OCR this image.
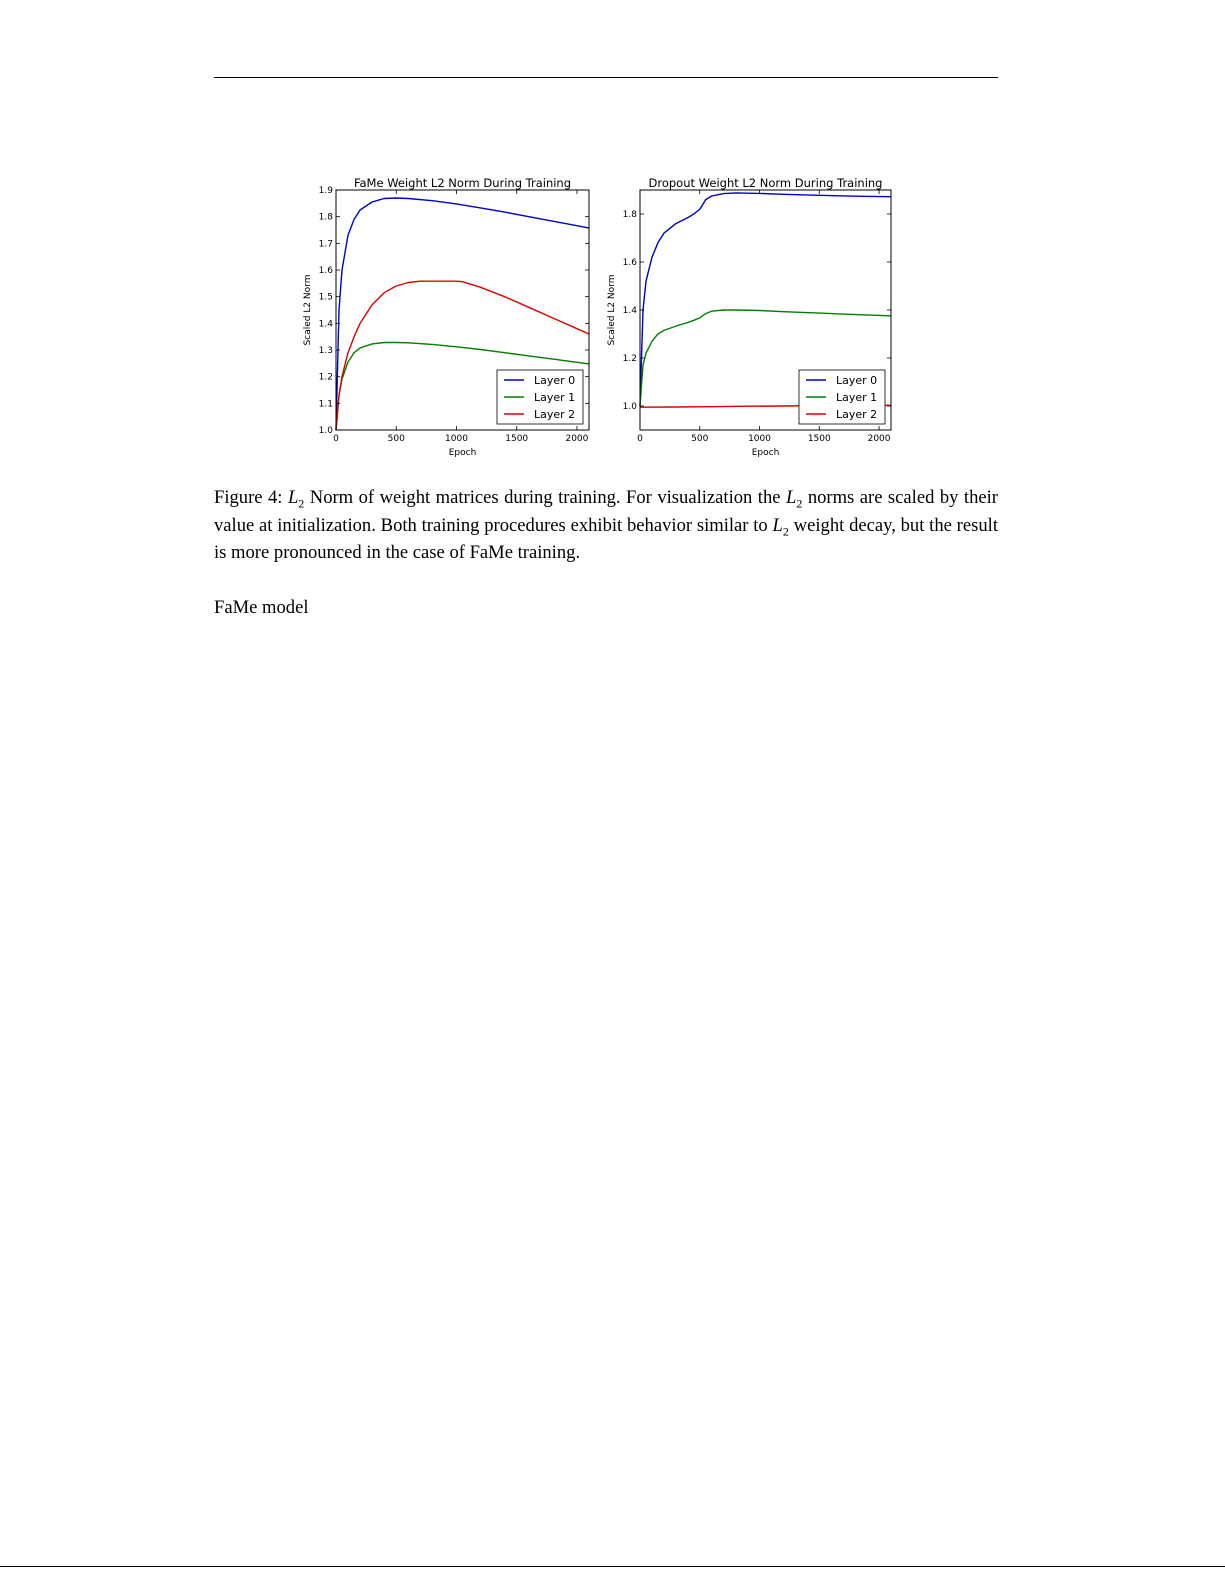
0	500	1000	1500	2000
1.0
1.1
1.2
1.3
1.4
1.5
1.6
1.7
1.8
1.9
FaMe Weight L2 Norm During Training
Epoch
Scaled L2 Norm
Layer 0
Layer 1
Layer 2
0	500	1000	1500	2000
1.0
1.2
1.4
1.6
1.8
Dropout Weight L2 Norm During Training
Epoch
Scaled L2 Norm
Layer 0
Layer 1
Layer 2
Figure 4: $L_2$ Norm of weight matrices during training. For visualization the $L_2$ norms are scaled by their value at initialization. Both training procedures exhibit behavior similar to $L_2$ weight decay, but the result is more pronounced in the case of FaMe training.
FaMe model
